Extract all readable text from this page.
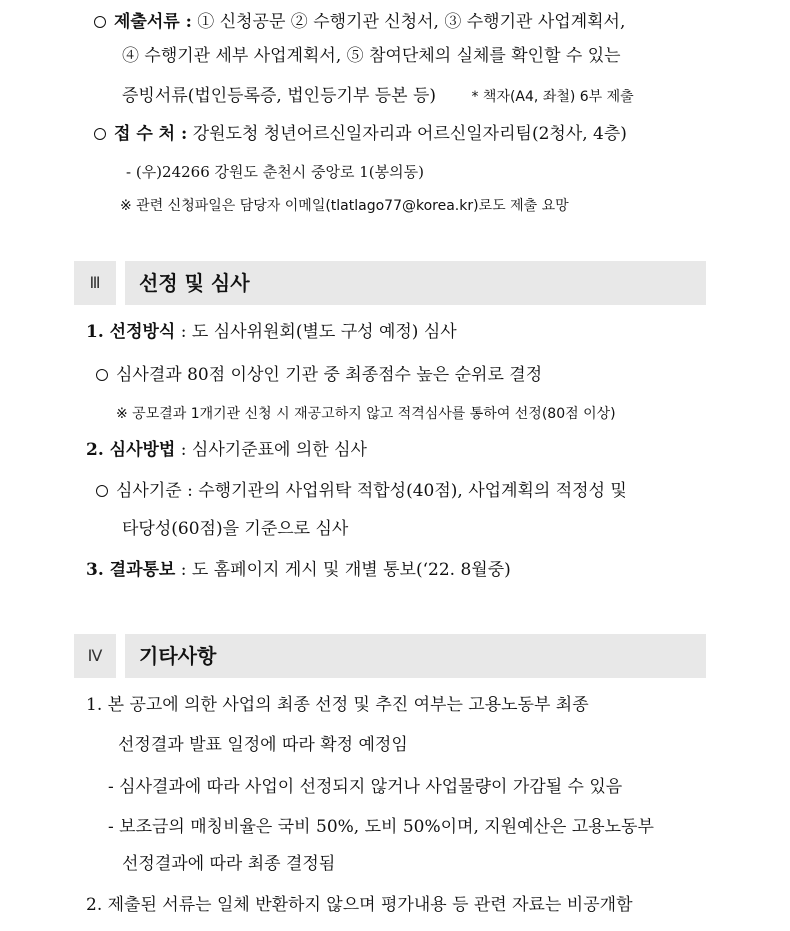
제출서류 : ① 신청공문 ② 수행기관 신청서, ③ 수행기관 사업계획서,
④ 수행기관 세부 사업계획서, ⑤ 참여단체의 실체를 확인할 수 있는
증빙서류(법인등록증, 법인등기부 등본 등)	* 책자(A4, 좌철) 6부 제출
접 수 처 : 강원도청 청년어르신일자리과 어르신일자리팀(2청사, 4층)
- (우)24266 강원도 춘천시 중앙로 1(봉의동)
※ 관련 신청파일은 담당자 이메일(tlatlago77@korea.kr)로도 제출 요망
Ⅲ	선정 및 심사
1. 선정방식 : 도 심사위원회(별도 구성 예정) 심사
심사결과 80점 이상인 기관 중 최종점수 높은 순위로 결정
※ 공모결과 1개기관 신청 시 재공고하지 않고 적격심사를 통하여 선정(80점 이상)
2. 심사방법 : 심사기준표에 의한 심사
심사기준 : 수행기관의 사업위탁 적합성(40점), 사업계획의 적정성 및
타당성(60점)을 기준으로 심사
3. 결과통보 : 도 홈페이지 게시 및 개별 통보(‘22. 8월중)
Ⅳ	기타사항
1. 본 공고에 의한 사업의 최종 선정 및 추진 여부는 고용노동부 최종
선정결과 발표 일정에 따라 확정 예정임
- 심사결과에 따라 사업이 선정되지 않거나 사업물량이 가감될 수 있음
- 보조금의 매칭비율은 국비 50%, 도비 50%이며, 지원예산은 고용노동부
선정결과에 따라 최종 결정됨
2. 제출된 서류는 일체 반환하지 않으며 평가내용 등 관련 자료는 비공개함
